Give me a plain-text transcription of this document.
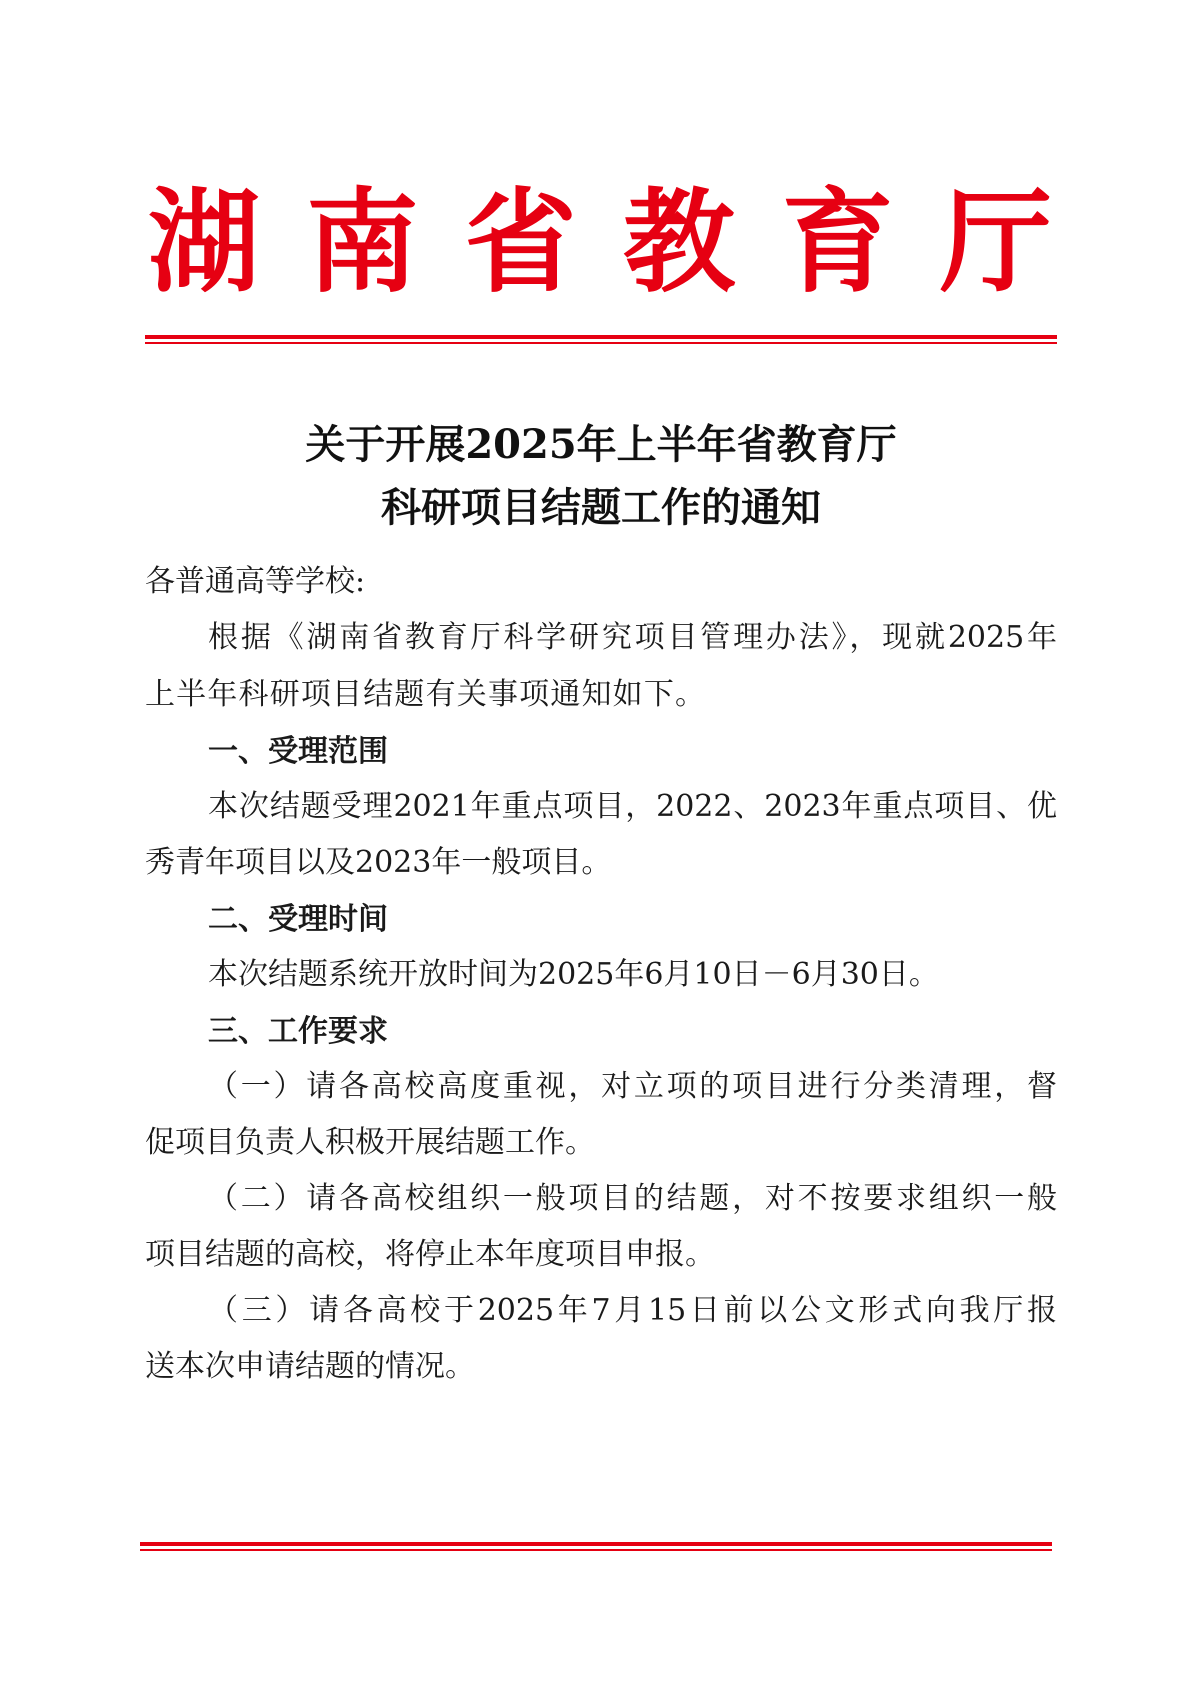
湖 南 省 教 育 厅
关于开展2025年上半年省教育厅
科研项目结题工作的通知
各普通高等学校:
根据《湖南省教育厅科学研究项目管理办法》，现就2025年
上半年科研项目结题有关事项通知如下。
一、受理范围
本次结题受理2021年重点项目，2022、2023年重点项目、优
秀青年项目以及2023年一般项目。
二、受理时间
本次结题系统开放时间为2025年6月10日－6月30日。
三、工作要求
（一）请各高校高度重视，对立项的项目进行分类清理，督
促项目负责人积极开展结题工作。
（二）请各高校组织一般项目的结题，对不按要求组织一般
项目结题的高校，将停止本年度项目申报。
（三）请各高校于2025年7月15日前以公文形式向我厅报
送本次申请结题的情况。
